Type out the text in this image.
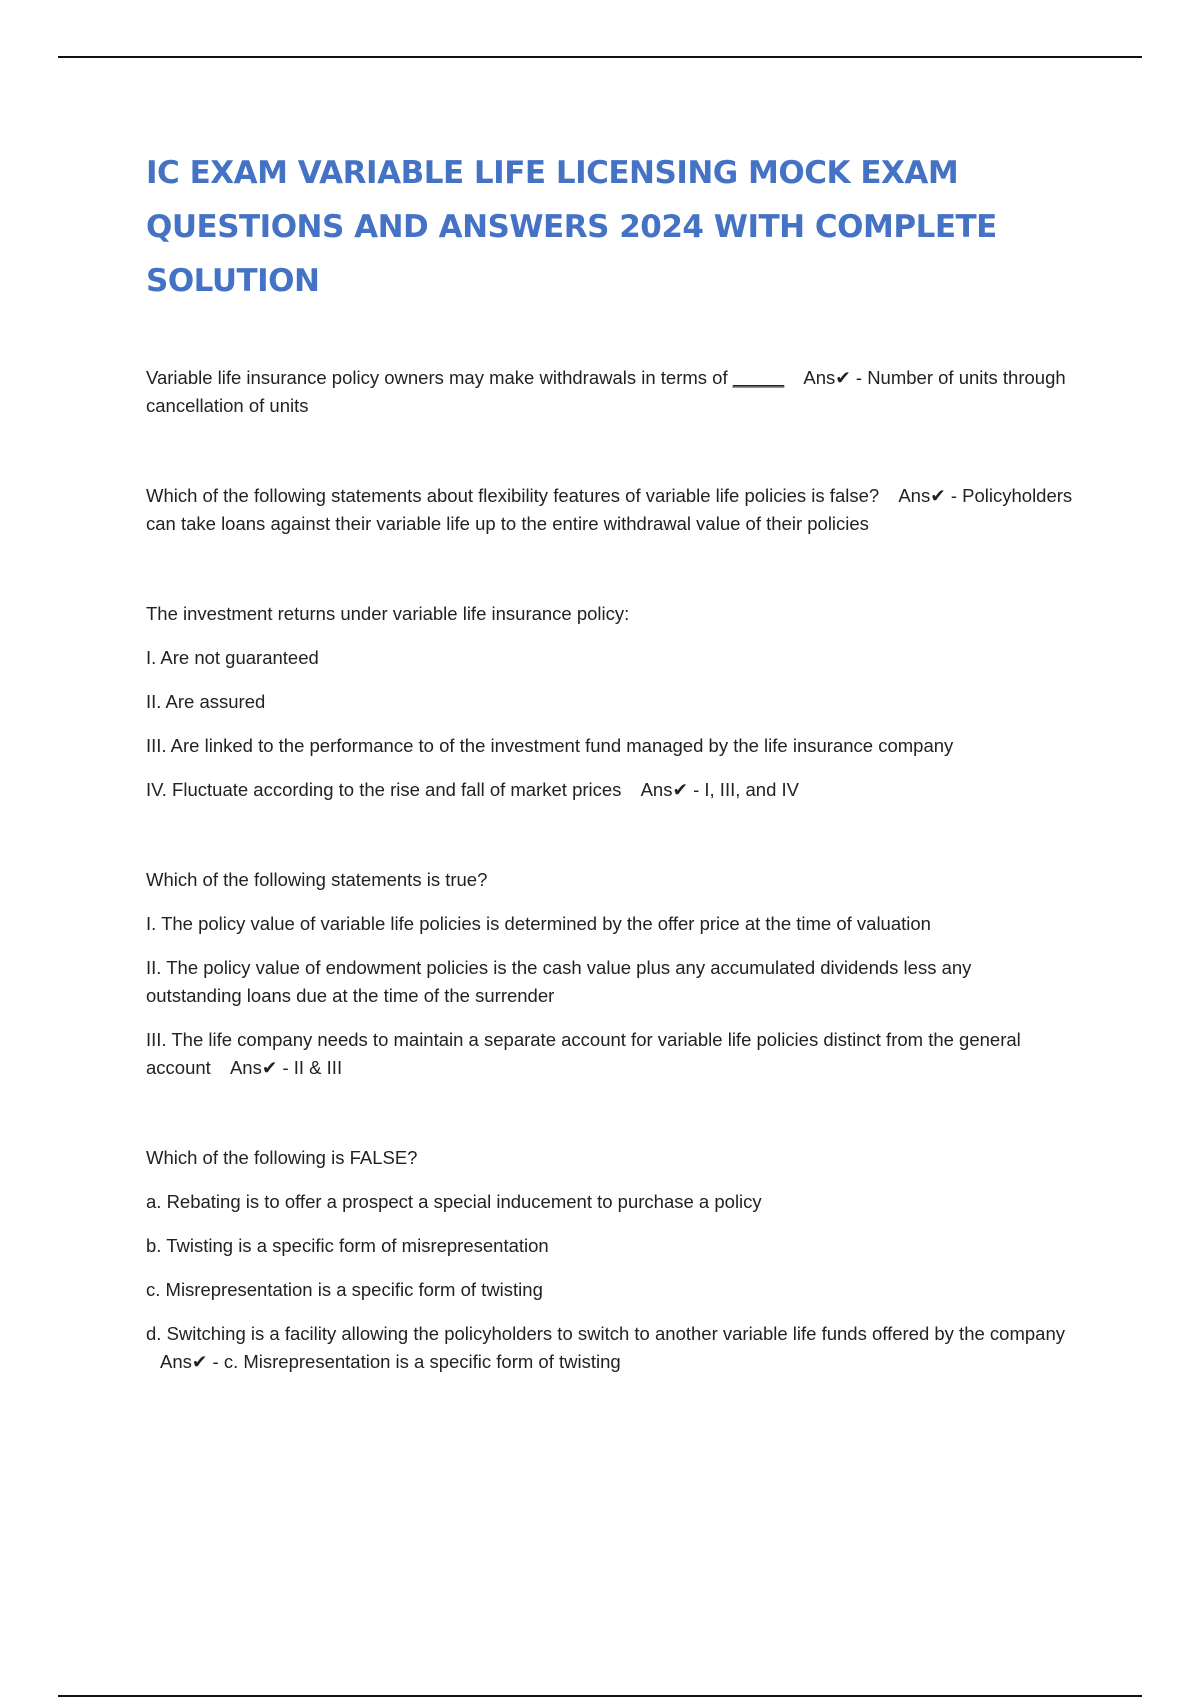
IC EXAM VARIABLE LIFE LICENSING MOCK EXAM QUESTIONS AND ANSWERS 2024 WITH COMPLETE SOLUTION

Variable life insurance policy owners may make withdrawals in terms of _____ Ans✔ - Number of units through cancellation of units

Which of the following statements about flexibility features of variable life policies is false? Ans✔ - Policyholders can take loans against their variable life up to the entire withdrawal value of their policies

The investment returns under variable life insurance policy:

I. Are not guaranteed

II. Are assured

III. Are linked to the performance to of the investment fund managed by the life insurance company

IV. Fluctuate according to the rise and fall of market prices Ans✔ - I, III, and IV

Which of the following statements is true?

I. The policy value of variable life policies is determined by the offer price at the time of valuation

II. The policy value of endowment policies is the cash value plus any accumulated dividends less any outstanding loans due at the time of the surrender

III. The life company needs to maintain a separate account for variable life policies distinct from the general account Ans✔ - II & III

Which of the following is FALSE?

a. Rebating is to offer a prospect a special inducement to purchase a policy

b. Twisting is a specific form of misrepresentation

c. Misrepresentation is a specific form of twisting

d. Switching is a facility allowing the policyholders to switch to another variable life funds offered by the company Ans✔ - c. Misrepresentation is a specific form of twisting
